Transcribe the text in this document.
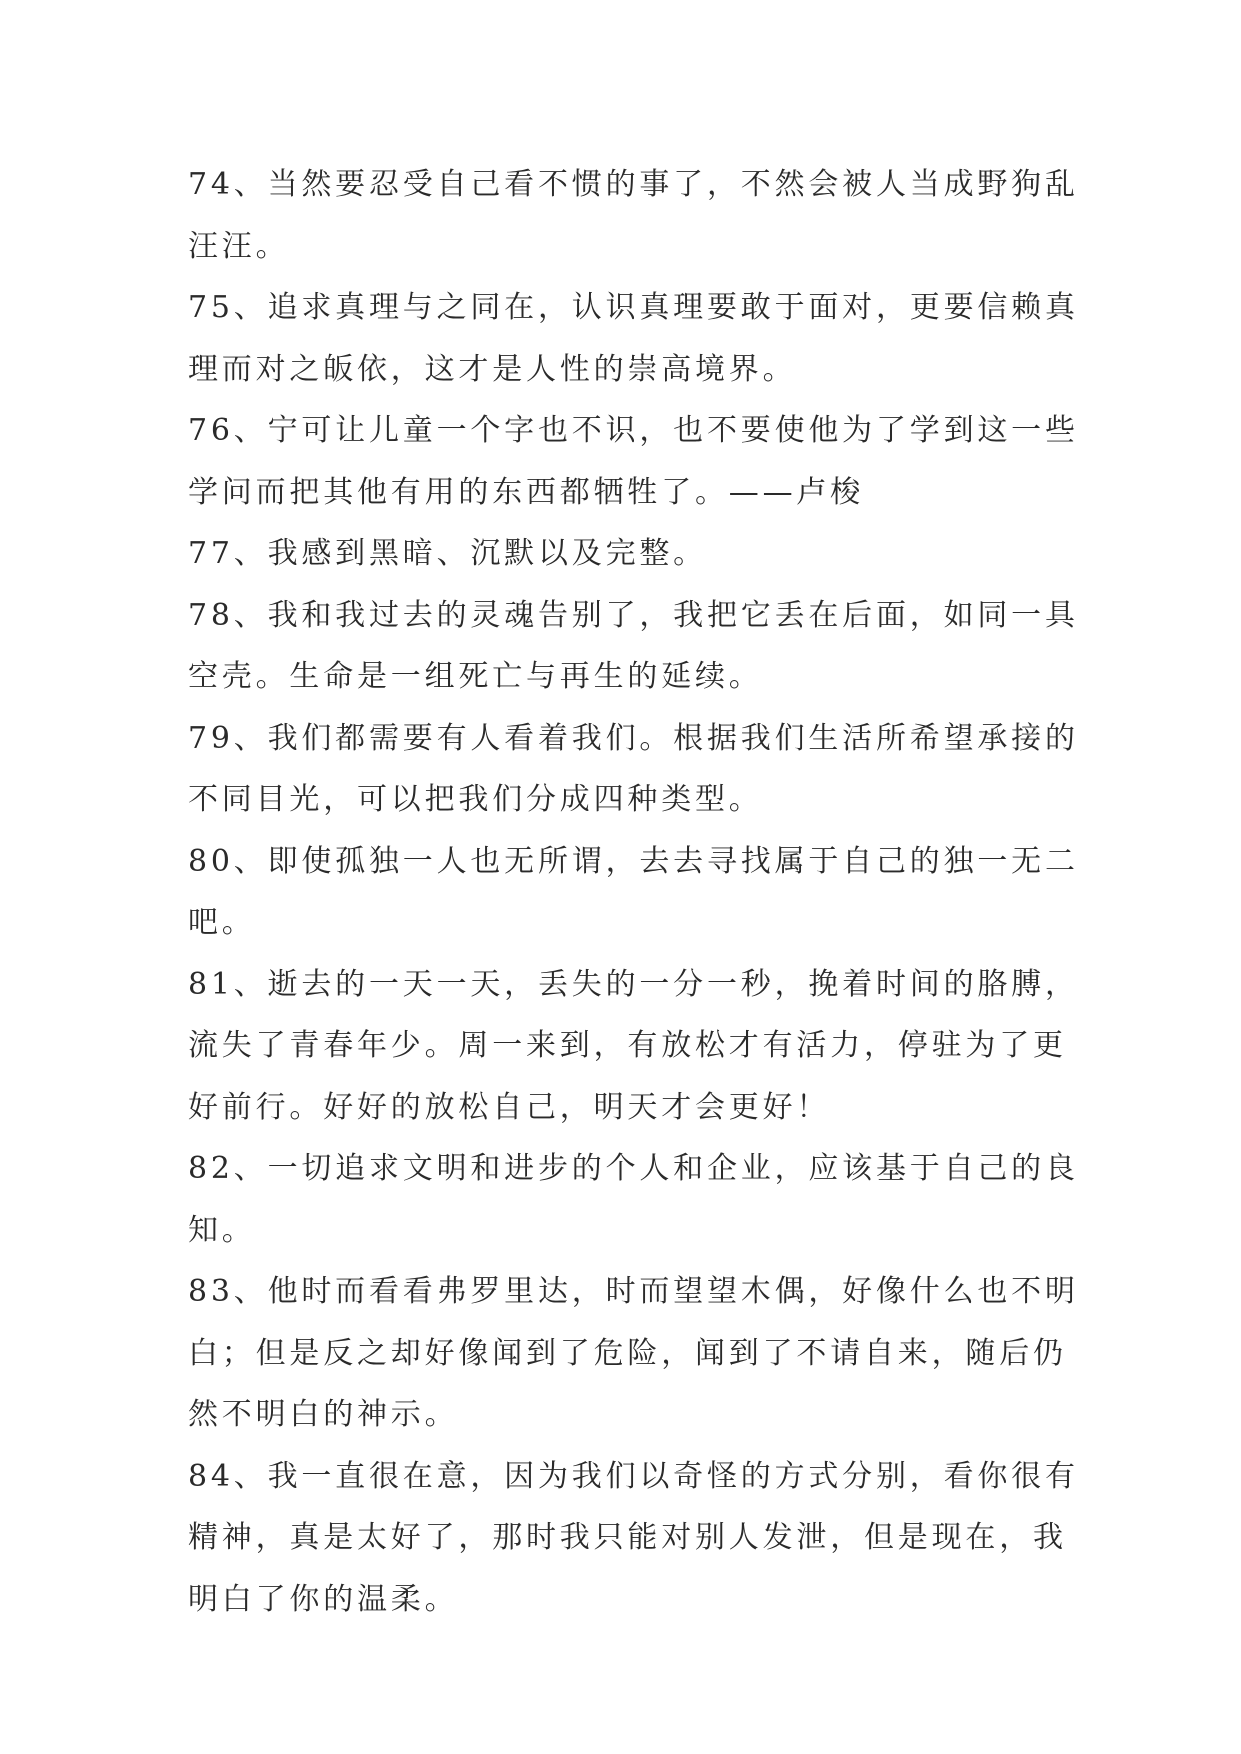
74、当然要忍受自己看不惯的事了，不然会被人当成野狗乱
汪汪。
75、追求真理与之同在，认识真理要敢于面对，更要信赖真
理而对之皈依，这才是人性的崇高境界。
76、宁可让儿童一个字也不识，也不要使他为了学到这一些
学问而把其他有用的东西都牺牲了。——卢梭
77、我感到黑暗、沉默以及完整。
78、我和我过去的灵魂告别了，我把它丢在后面，如同一具
空壳。生命是一组死亡与再生的延续。
79、我们都需要有人看着我们。根据我们生活所希望承接的
不同目光，可以把我们分成四种类型。
80、即使孤独一人也无所谓，去去寻找属于自己的独一无二
吧。
81、逝去的一天一天，丢失的一分一秒，挽着时间的胳膊，
流失了青春年少。周一来到，有放松才有活力，停驻为了更
好前行。好好的放松自己，明天才会更好！
82、一切追求文明和进步的个人和企业，应该基于自己的良
知。
83、他时而看看弗罗里达，时而望望木偶，好像什么也不明
白；但是反之却好像闻到了危险，闻到了不请自来，随后仍
然不明白的神示。
84、我一直很在意，因为我们以奇怪的方式分别，看你很有
精神，真是太好了，那时我只能对别人发泄，但是现在，我
明白了你的温柔。
